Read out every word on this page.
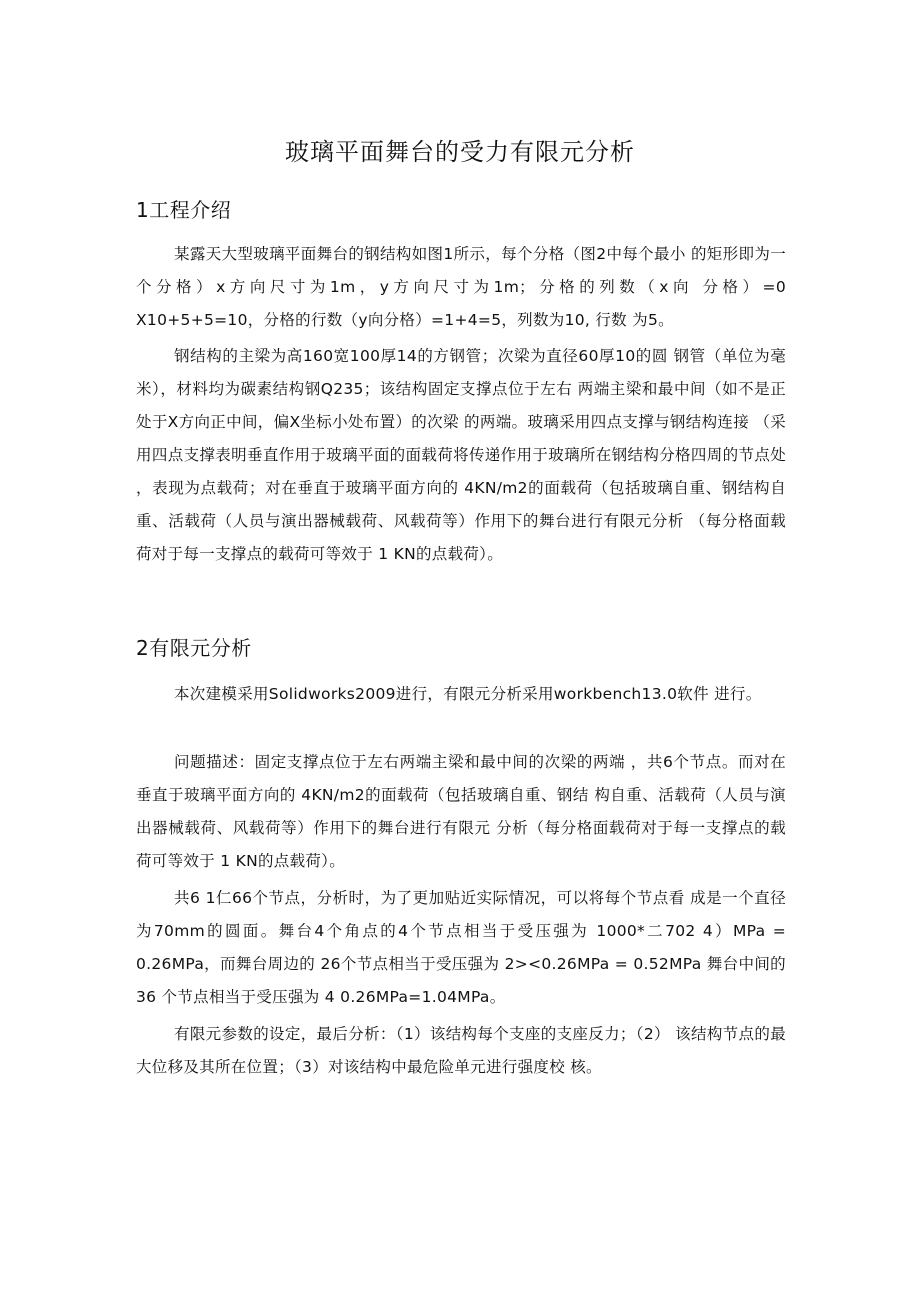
玻璃平面舞台的受力有限元分析
1工程介绍
某露天大型玻璃平面舞台的钢结构如图1所示，每个分格（图2中每个最小 的矩形即为一个分格）x方向尺寸为1m，y方向尺寸为1m；分格的列数（x向 分格）=0 X10+5+5=10，分格的行数（y向分格）=1+4=5，列数为10, 行数 为5。
钢结构的主梁为高160宽100厚14的方钢管；次梁为直径60厚10的圆 钢管（单位为毫米），材料均为碳素结构钢Q235；该结构固定支撑点位于左右 两端主梁和最中间（如不是正处于X方向正中间，偏X坐标小处布置）的次梁 的两端。玻璃采用四点支撑与钢结构连接 （采用四点支撑表明垂直作用于玻璃平面的面载荷将传递作用于玻璃所在钢结构分格四周的节点处 ，表现为点载荷；对在垂直于玻璃平面方向的 4KN/m2的面载荷（包括玻璃自重、钢结构自 重、活载荷（人员与演出器械载荷、风载荷等）作用下的舞台进行有限元分析 （每分格面载荷对于每一支撑点的载荷可等效于 1 KN的点载荷）。
2有限元分析
本次建模采用Solidworks2009进行，有限元分析采用workbench13.0软件 进行。
问题描述：固定支撑点位于左右两端主梁和最中间的次梁的两端 ，共6个节点。而对在垂直于玻璃平面方向的 4KN/m2的面载荷（包括玻璃自重、钢结 构自重、活载荷（人员与演出器械载荷、风载荷等）作用下的舞台进行有限元 分析（每分格面载荷对于每一支撑点的载荷可等效于 1 KN的点载荷）。
共6 1仁66个节点，分析时，为了更加贴近实际情况，可以将每个节点看 成是一个直径为70mm的圆面。舞台4个角点的4个节点相当于受压强为 1000*二702 4）MPa = 0.26MPa，而舞台周边的 26个节点相当于受压强为 2><0.26MPa = 0.52MPa 舞台中间的 36 个节点相当于受压强为 4 0.26MPa=1.04MPa。
有限元参数的设定，最后分析：（1）该结构每个支座的支座反力；（2） 该结构节点的最大位移及其所在位置；（3）对该结构中最危险单元进行强度校 核。
